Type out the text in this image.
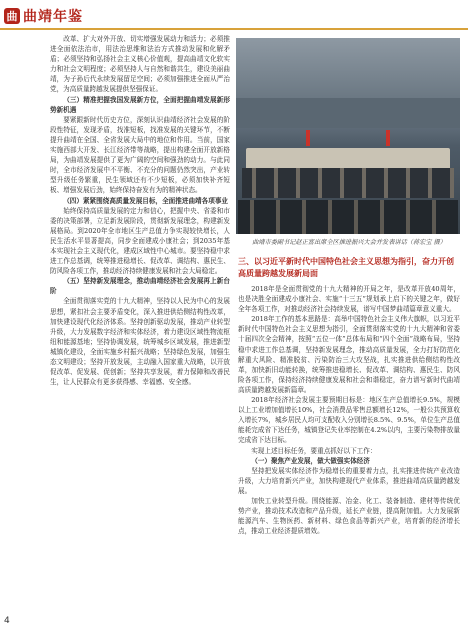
曲 曲靖年鉴

改革、扩大对外开放、切实增强发展动力和活力；必须推进全面依法治市，用法治思维和法治方式推动发展和化解矛盾；必须坚持和弘扬社会主义核心价值观，提高曲靖文化软实力和社会文明程度；必须坚持人与自然和谐共生，建设美丽曲靖，为子孙后代永续发展留足空间；必须加强推进全面从严治党，为高质量跨越发展提供坚强保证。

（三）精准把握我国发展新方位，全面把握曲靖发展新形势新机遇

要紧跟新时代历史方位，深刻认识曲靖经济社会发展的阶段性特征，发现矛盾，找准短板，找准发展的关键环节，不断提升曲靖在全国、全省发展大局中的地位和作用。当前，国家实施西部大开发、长江经济带等战略，提出构建全面开放新格局，为曲靖发展提供了更为广阔的空间和强劲的动力。与此同时，全市经济发展中不平衡、不充分的问题仍然突出，产业转型升级任务繁重，民生领域还有不少短板，必须加快补齐短板、增强发展后劲，始终保持奋发有为的精神状态。

（四）紧紧围绕高质量发展目标，全面推进曲靖各项事业

始终保持高质量发展的定力和信心，把握中央、省委和市委的决策部署，立足新发展阶段，贯彻新发展理念，构建新发展格局。到2020年全市地区生产总值力争实现较快增长，人民生活水平显著提高，同步全面建成小康社会；到2035年基本实现社会主义现代化，建成区域性中心城市。要坚持稳中求进工作总基调，统筹推进稳增长、促改革、调结构、惠民生、防风险各项工作，推动经济持续健康发展和社会大局稳定。

（五）坚持新发展理念，推动曲靖经济社会发展再上新台阶

全面贯彻落实党的十九大精神，坚持以人民为中心的发展思想，紧扣社会主要矛盾变化，深入推进供给侧结构性改革，加快建设现代化经济体系。坚持创新驱动发展，推动产业转型升级，大力发展数字经济和实体经济，着力建设区域性物流枢纽和能源基地；坚持协调发展，统筹城乡区域发展，推进新型城镇化建设，全面实施乡村振兴战略；坚持绿色发展，加强生态文明建设；坚持开放发展，主动融入国家重大战略，以开放促改革、促发展、促创新；坚持共享发展，着力保障和改善民生，让人民群众有更多获得感、幸福感、安全感。

曲靖市委副书记赵正富出席全区推进振兴大会并发表讲话（蒋宏宝 摄）
三、以习近平新时代中国特色社会主义思想为指引，奋力开创高质量跨越发展新局面

2018年是全面贯彻党的十九大精神的开局之年，是改革开放40周年，也是决胜全面建成小康社会、实施“十三五”规划承上启下的关键之年，做好全年各项工作，对推动经济社会持续发展，谱写中国梦曲靖篇章意义重大。

2018年工作的基本思路是：高举中国特色社会主义伟大旗帜，以习近平新时代中国特色社会主义思想为指引，全面贯彻落实党的十九大精神和省委十届四次全会精神，按照“五位一体”总体布局和“四个全面”战略布局，坚持稳中求进工作总基调，坚持新发展理念，推动高质量发展，全力打好防范化解重大风险、精准脱贫、污染防治三大攻坚战，扎实推进供给侧结构性改革，加快新旧动能转换，统筹推进稳增长、促改革、调结构、惠民生、防风险各项工作，保持经济持续健康发展和社会和谐稳定，奋力谱写新时代曲靖高质量跨越发展新篇章。

2018年经济社会发展主要预期目标是：地区生产总值增长9.5%，规模以上工业增加值增长10%，社会消费品零售总额增长12%，一般公共预算收入增长7%，城乡居民人均可支配收入分别增长8.5%、9.5%，单位生产总值能耗完成省下达任务，城镇登记失业率控制在4.2%以内，主要污染物排放量完成省下达目标。

实现上述目标任务，要重点抓好以下工作：

（一）聚焦产业发展，做大做强实体经济

坚持把发展实体经济作为稳增长的重要着力点，扎实推进传统产业改造升级，大力培育新兴产业，加快构建现代产业体系，推进曲靖高质量跨越发展。

加快工业转型升级。围绕能源、冶金、化工、装备制造、建材等传统优势产业，推动技术改造和产品升级，延长产业链，提高附加值。大力发展新能源汽车、生物医药、新材料、绿色食品等新兴产业，培育新的经济增长点，推动工业经济提质增效。

4
